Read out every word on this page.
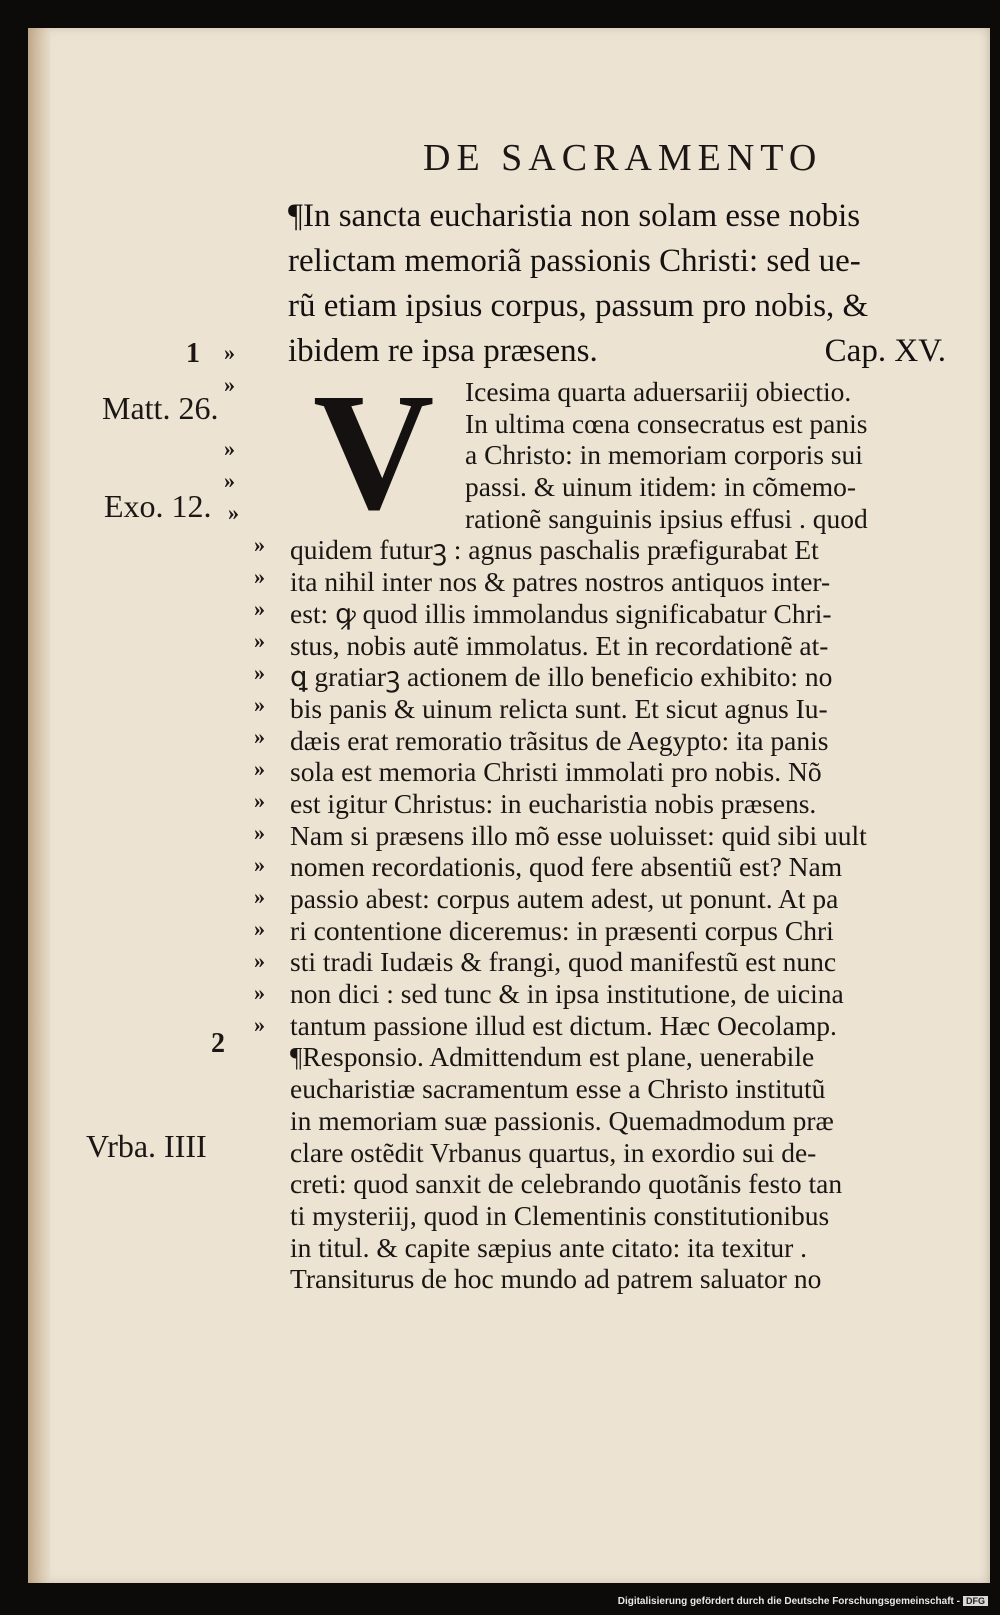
DE SACRAMENTO
¶In sancta eucharistia non solam esse nobis
relictam memoriã passionis Christi: sed ue-
rũ etiam ipsius corpus, passum pro nobis, &
ibidem re ipsa præsens.	Cap. XV.
V	Icesima quarta aduersariĳ obiectio.
In ultima cœna consecratus est panis
a Christo: in memoriam corporis sui
passi. & uinum itidem: in cõmemo-
rationẽ sanguinis ipsius effusi . quod
quidem futurꝫ : agnus paschalis præfigurabat Et
ita nihil inter nos & patres nostros antiquos inter-
est: ꝙ quod illis immolandus significabatur Chri-
stus, nobis autẽ immolatus. Et in recordationẽ at-
ꝗ gratiarꝫ actionem de illo beneficio exhibito: no
bis panis & uinum relicta sunt. Et sicut agnus Iu-
dæis erat remoratio trãsitus de Aegypto: ita panis
sola est memoria Christi immolati pro nobis. Nõ
est igitur Christus: in eucharistia nobis præsens.
Nam si præsens illo mõ esse uoluisset: quid sibi uult
nomen recordationis, quod fere absentiũ est? Nam
passio abest: corpus autem adest, ut ponunt. At pa
ri contentione diceremus: in præsenti corpus Chri
sti tradi Iudæis & frangi, quod manifestũ est nunc
non dici : sed tunc & in ipsa institutione, de uicina
tantum passione illud est dictum. Hæc Oecolamp.
¶Responsio. Admittendum est plane, uenerabile
eucharistiæ sacramentum esse a Christo institutũ
in memoriam suæ passionis. Quemadmodum præ
clare ostẽdit Vrbanus quartus, in exordio sui de-
creti: quod sanxit de celebrando quotãnis festo tan
ti mysteriĳ, quod in Clementinis constitutionibus
in titul. & capite sæpius ante citato: ita texitur .
Transiturus de hoc mundo ad patrem saluator no
1
Matt. 26.
Exo. 12.
2
Vrba. IIII
»
»
»
»
»
»
»
»
»
»
»
»
»
»
»
»
»
»
»
»
»
Digitalisierung gefördert durch die Deutsche Forschungsgemeinschaft - DFG
